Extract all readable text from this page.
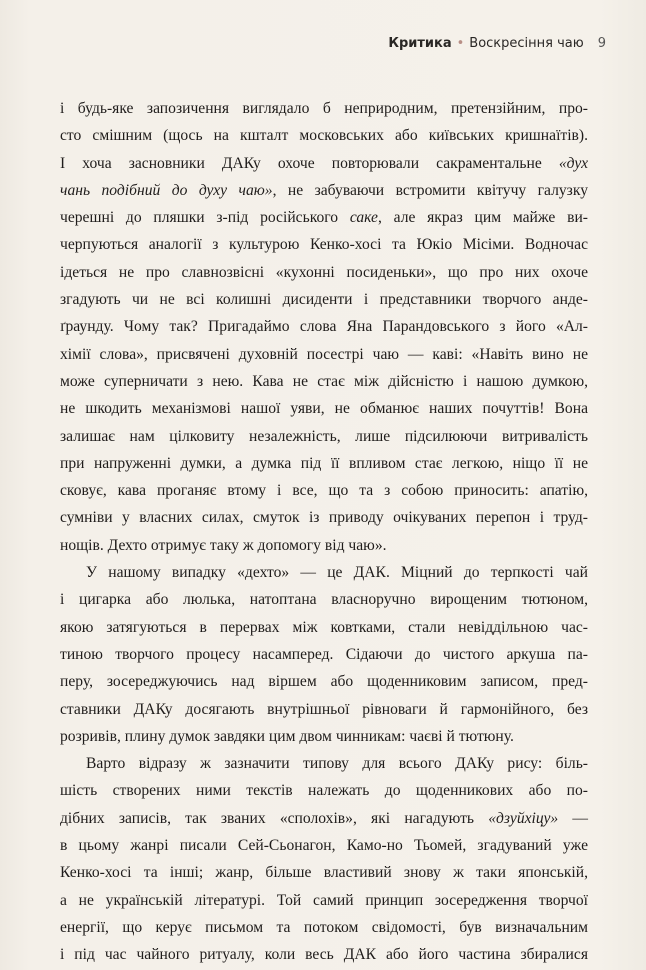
Критика • Воскресіння чаю 9
і будь-яке запозичення виглядало б неприродним, претензійним, про-
сто смішним (щось на кшталт московських або київських кришнаїтів).
І хоча засновники ДАКу охоче повторювали сакраментальне «дух
чань подібний до духу чаю», не забуваючи встромити квітучу галузку
черешні до пляшки з-під російського саке, але якраз цим майже ви-
черпуються аналогії з культурою Кенко-хосі та Юкіо Місіми. Водночас
ідеться не про славнозвісні «кухонні посиденьки», що про них охоче
згадують чи не всі колишні дисиденти і представники творчого анде-
ґраунду. Чому так? Пригадаймо слова Яна Парандовського з його «Ал-
хімії слова», присвячені духовній посестрі чаю — каві: «Навіть вино не
може суперничати з нею. Кава не стає між дійсністю і нашою думкою,
не шкодить механізмові нашої уяви, не обманює наших почуттів! Вона
залишає нам цілковиту незалежність, лише підсилюючи витривалість
при напруженні думки, а думка під її впливом стає легкою, ніщо її не
сковує, кава проганяє втому і все, що та з собою приносить: апатію,
сумніви у власних силах, смуток із приводу очікуваних перепон і труд-
нощів. Дехто отримує таку ж допомогу від чаю».
У нашому випадку «дехто» — це ДАК. Міцний до терпкості чай
і цигарка або люлька, натоптана власноручно вирощеним тютюном,
якою затягуються в перервах між ковтками, стали невіддільною час-
тиною творчого процесу насамперед. Сідаючи до чистого аркуша па-
перу, зосереджуючись над віршем або щоденниковим записом, пред-
ставники ДАКу досягають внутрішньої рівноваги й гармонійного, без
розривів, плину думок завдяки цим двом чинникам: чаєві й тютюну.
Варто відразу ж зазначити типову для всього ДАКу рису: біль-
шість створених ними текстів належать до щоденникових або по-
дібних записів, так званих «сполохів», які нагадують «дзуйхіцу» —
в цьому жанрі писали Сей-Сьонагон, Камо-но Тьомей, згадуваний уже
Кенко-хосі та інші; жанр, більше властивий знову ж таки японській,
а не українській літературі. Той самий принцип зосередження творчої
енергії, що керує письмом та потоком свідомості, був визначальним
і під час чайного ритуалу, коли весь ДАК або його частина збиралися
